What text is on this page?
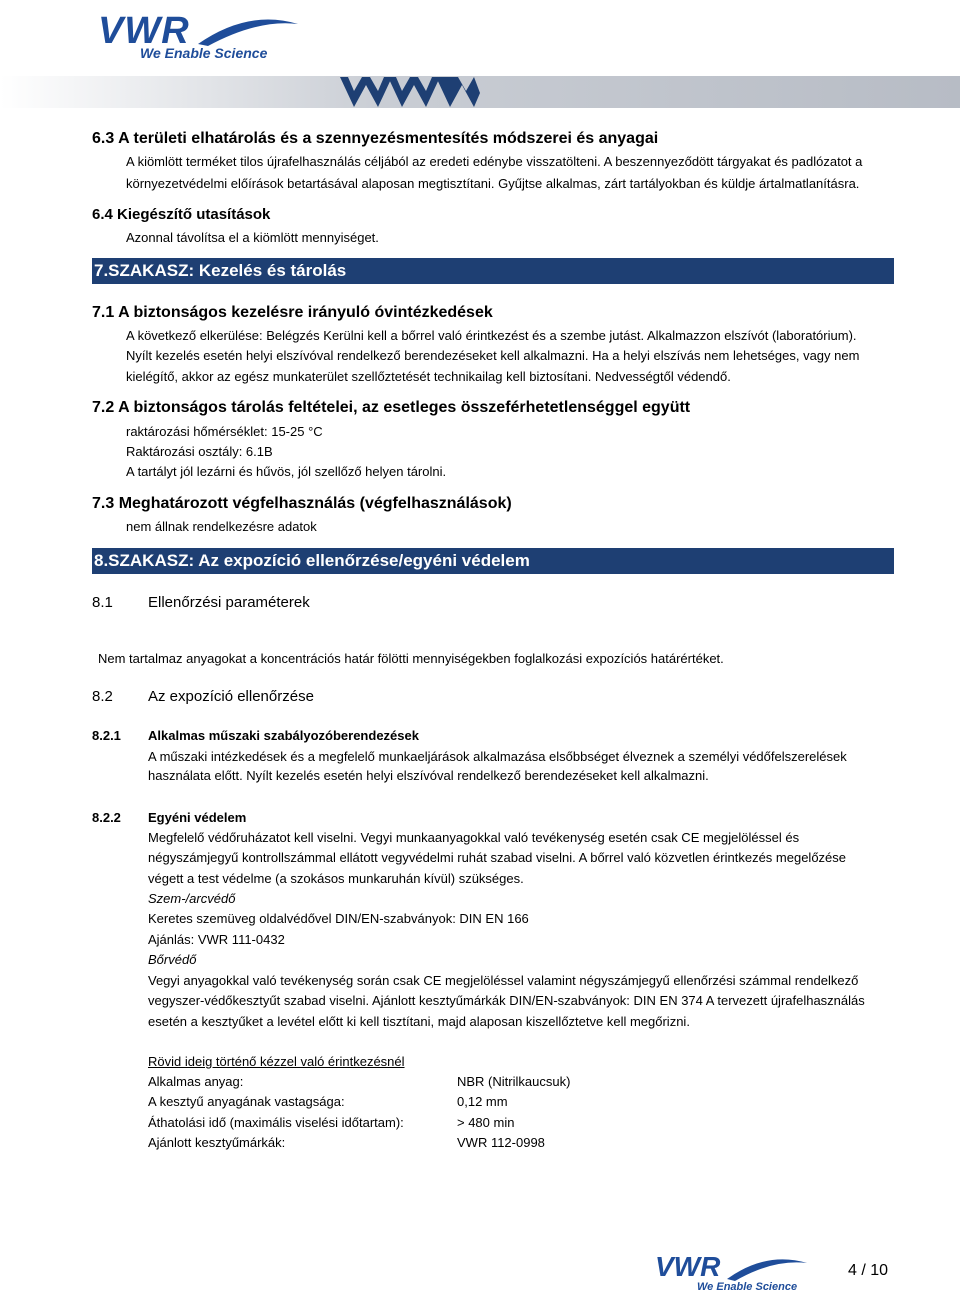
VWR
We Enable Science
6.3 A területi elhatárolás és a szennyezésmentesítés módszerei és anyagai
A kiömlött terméket tilos újrafelhasználás céljából az eredeti edénybe visszatölteni. A beszennyeződött tárgyakat és padlózatot a
környezetvédelmi előírások betartásával alaposan megtisztítani. Gyűjtse alkalmas, zárt tartályokban és küldje ártalmatlanításra.
6.4 Kiegészítő utasítások
Azonnal távolítsa el a kiömlött mennyiséget.
7.SZAKASZ: Kezelés és tárolás
7.1 A biztonságos kezelésre irányuló óvintézkedések
A következő elkerülése: Belégzés Kerülni kell a bőrrel való érintkezést és a szembe jutást. Alkalmazzon elszívót (laboratórium).
Nyílt kezelés esetén helyi elszívóval rendelkező berendezéseket kell alkalmazni. Ha a helyi elszívás nem lehetséges, vagy nem
kielégítő, akkor az egész munkaterület szellőztetését technikailag kell biztosítani. Nedvességtől védendő.
7.2 A biztonságos tárolás feltételei, az esetleges összeférhetetlenséggel együtt
raktározási hőmérséklet: 15-25 °C
Raktározási osztály: 6.1B
A tartályt jól lezárni és hűvös, jól szellőző helyen tárolni.
7.3 Meghatározott végfelhasználás (végfelhasználások)
nem állnak rendelkezésre adatok
8.SZAKASZ: Az expozíció ellenőrzése/egyéni védelem
8.1 Ellenőrzési paraméterek
Nem tartalmaz anyagokat a koncentrációs határ fölötti mennyiségekben foglalkozási expozíciós határértéket.
8.2 Az expozíció ellenőrzése
8.2.1 Alkalmas műszaki szabályozóberendezések
A műszaki intézkedések és a megfelelő munkaeljárások alkalmazása elsőbbséget élveznek a személyi védőfelszerelések
használata előtt. Nyílt kezelés esetén helyi elszívóval rendelkező berendezéseket kell alkalmazni.
8.2.2 Egyéni védelem
Megfelelő védőruházatot kell viselni. Vegyi munkaanyagokkal való tevékenység esetén csak CE megjelöléssel és
négyszámjegyű kontrollszámmal ellátott vegyvédelmi ruhát szabad viselni. A bőrrel való közvetlen érintkezés megelőzése
végett a test védelme (a szokásos munkaruhán kívül) szükséges.
Szem-/arcvédő
Keretes szemüveg oldalvédővel DIN/EN-szabványok: DIN EN 166
Ajánlás: VWR 111-0432
Bőrvédő
Vegyi anyagokkal való tevékenység során csak CE megjelöléssel valamint négyszámjegyű ellenőrzési számmal rendelkező
vegyszer-védőkesztyűt szabad viselni. Ajánlott kesztyűmárkák DIN/EN-szabványok: DIN EN 374 A tervezett újrafelhasználás
esetén a kesztyűket a levétel előtt ki kell tisztítani, majd alaposan kiszellőztetve kell megőrizni.
Rövid ideig történő kézzel való érintkezésnél
Alkalmas anyag:	NBR (Nitrilkaucsuk)
A kesztyű anyagának vastagsága:	0,12 mm
Áthatolási idő (maximális viselési időtartam):	> 480 min
Ajánlott kesztyűmárkák:	VWR 112-0998
VWR
We Enable Science
4 / 10
